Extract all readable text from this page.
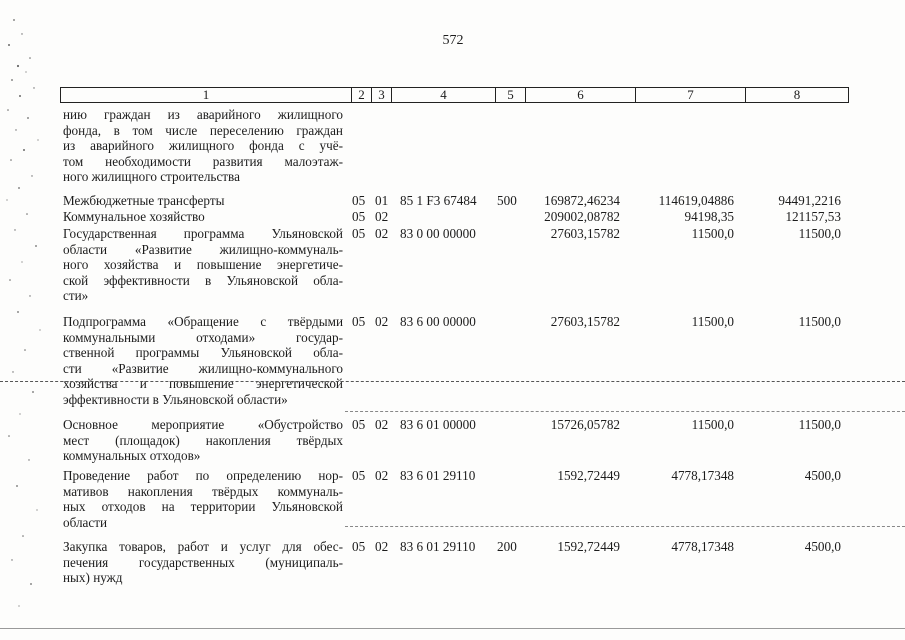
572
1	2	3	4	5	6	7	8
нию граждан из аварийного жилищного
фонда, в том числе переселению граждан
из аварийного жилищного фонда с учё-
том необходимости развития малоэтаж-
ного жилищного строительства
Межбюджетные трансферты	05 01 85 1 F3 67484	500	169872,46234	114619,04886	94491,2216
Коммунальное хозяйство	05 02	209002,08782	94198,35	121157,53
Государственная программа Ульяновской
области «Развитие жилищно-коммуналь-
ного хозяйства и повышение энергетиче-
ской эффективности в Ульяновской обла-
сти»
05 02 83 0 00 00000	27603,15782	11500,0	11500,0
Подпрограмма «Обращение с твёрдыми
коммунальными отходами» государ-
ственной программы Ульяновской обла-
сти «Развитие жилищно-коммунального
хозяйства и повышение энергетической
эффективности в Ульяновской области»
05 02 83 6 00 00000	27603,15782	11500,0	11500,0
Основное мероприятие «Обустройство
мест (площадок) накопления твёрдых
коммунальных отходов»
05 02 83 6 01 00000	15726,05782	11500,0	11500,0
Проведение работ по определению нор-
мативов накопления твёрдых коммуналь-
ных отходов на территории Ульяновской
области
05 02 83 6 01 29110	1592,72449	4778,17348	4500,0
Закупка товаров, работ и услуг для обес-
печения государственных (муниципаль-
ных) нужд
05 02 83 6 01 29110	200	1592,72449	4778,17348	4500,0
